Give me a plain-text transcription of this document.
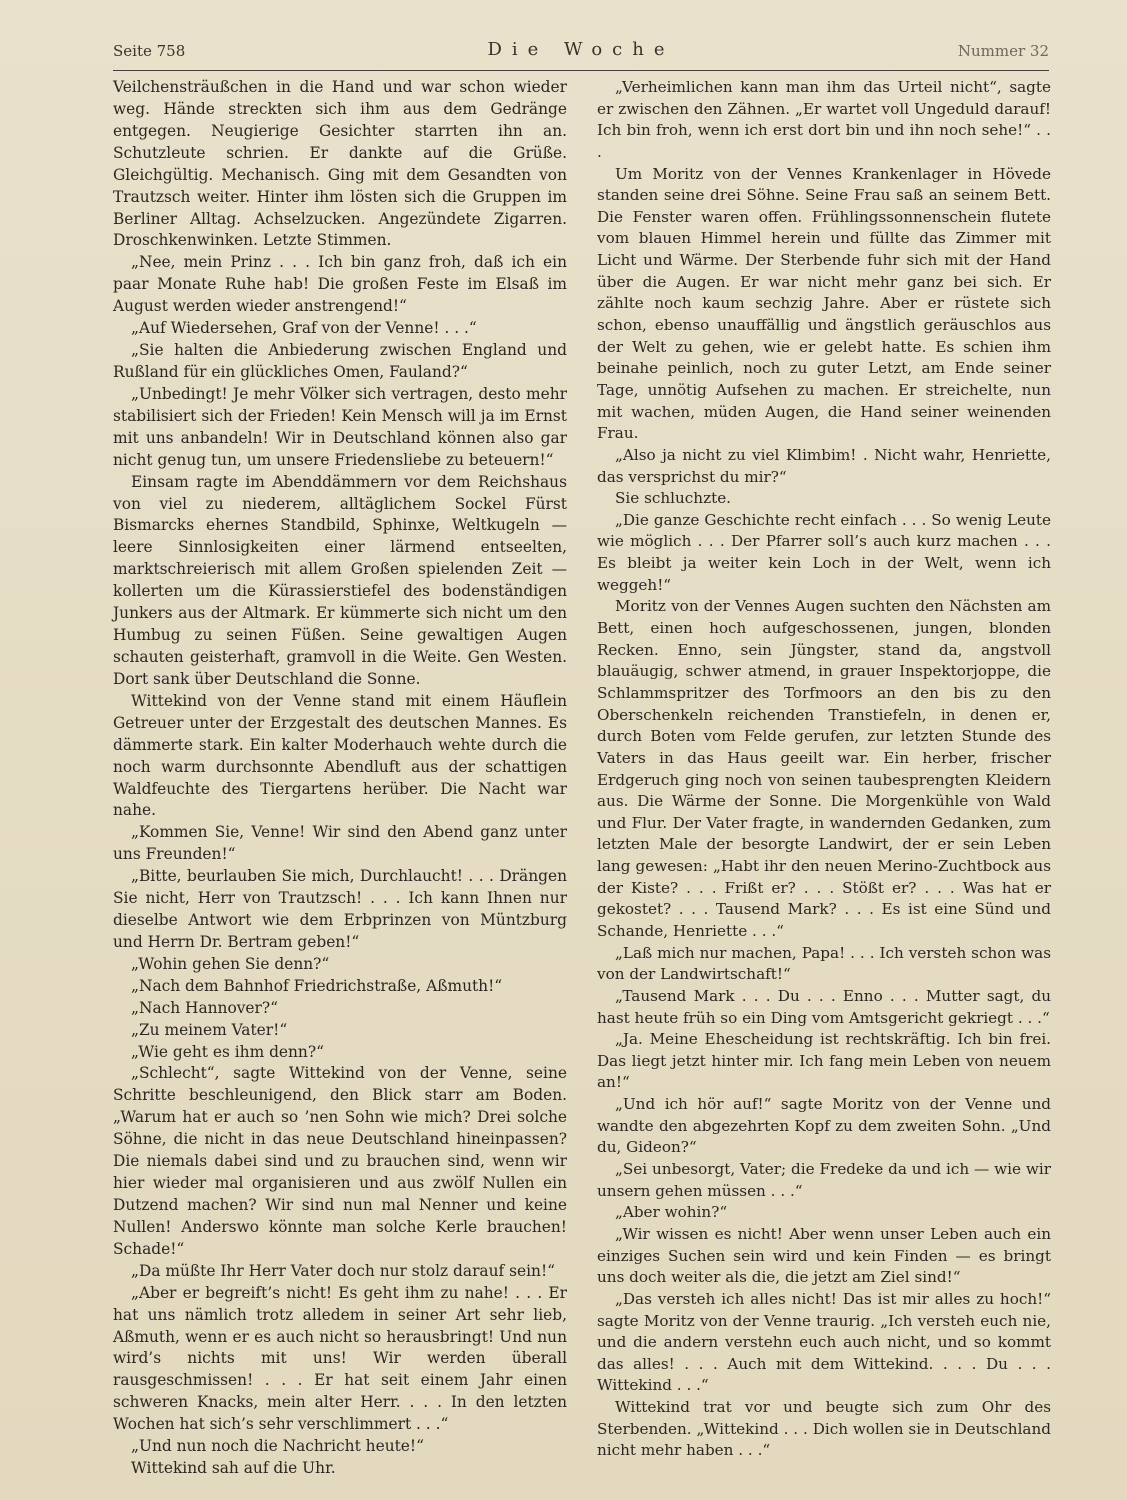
Seite 758	Die Woche	Nummer 32

Veilchensträußchen in die Hand und war schon wieder weg. Hände streckten sich ihm aus dem Gedränge entgegen. Neugierige Gesichter starrten ihn an. Schutzleute schrien. Er dankte auf die Grüße. Gleichgültig. Mechanisch. Ging mit dem Gesandten von Trautzsch weiter. Hinter ihm lösten sich die Gruppen im Berliner Alltag. Achselzucken. Angezündete Zigarren. Droschkenwinken. Letzte Stimmen.

„Nee, mein Prinz . . . Ich bin ganz froh, daß ich ein paar Monate Ruhe hab! Die großen Feste im Elsaß im August werden wieder anstrengend!“

„Auf Wiedersehen, Graf von der Venne! . . .“

„Sie halten die Anbiederung zwischen England und Rußland für ein glückliches Omen, Fauland?“

„Unbedingt! Je mehr Völker sich vertragen, desto mehr stabilisiert sich der Frieden! Kein Mensch will ja im Ernst mit uns anbandeln! Wir in Deutschland können also gar nicht genug tun, um unsere Friedensliebe zu beteuern!“

Einsam ragte im Abenddämmern vor dem Reichshaus von viel zu niederem, alltäglichem Sockel Fürst Bismarcks ehernes Standbild, Sphinxe, Weltkugeln — leere Sinnlosigkeiten einer lärmend entseelten, marktschreierisch mit allem Großen spielenden Zeit — kollerten um die Kürassierstiefel des bodenständigen Junkers aus der Altmark. Er kümmerte sich nicht um den Humbug zu seinen Füßen. Seine gewaltigen Augen schauten geisterhaft, gramvoll in die Weite. Gen Westen. Dort sank über Deutschland die Sonne.

Wittekind von der Venne stand mit einem Häuflein Getreuer unter der Erzgestalt des deutschen Mannes. Es dämmerte stark. Ein kalter Moderhauch wehte durch die noch warm durchsonnte Abendluft aus der schattigen Waldfeuchte des Tiergartens herüber. Die Nacht war nahe.

„Kommen Sie, Venne! Wir sind den Abend ganz unter uns Freunden!“

„Bitte, beurlauben Sie mich, Durchlaucht! . . . Drängen Sie nicht, Herr von Trautzsch! . . . Ich kann Ihnen nur dieselbe Antwort wie dem Erbprinzen von Müntzburg und Herrn Dr. Bertram geben!“

„Wohin gehen Sie denn?“

„Nach dem Bahnhof Friedrichstraße, Aßmuth!“

„Nach Hannover?“

„Zu meinem Vater!“

„Wie geht es ihm denn?“

„Schlecht“, sagte Wittekind von der Venne, seine Schritte beschleunigend, den Blick starr am Boden. „Warum hat er auch so ’nen Sohn wie mich? Drei solche Söhne, die nicht in das neue Deutschland hineinpassen? Die niemals dabei sind und zu brauchen sind, wenn wir hier wieder mal organisieren und aus zwölf Nullen ein Dutzend machen? Wir sind nun mal Nenner und keine Nullen! Anderswo könnte man solche Kerle brauchen! Schade!“

„Da müßte Ihr Herr Vater doch nur stolz darauf sein!“

„Aber er begreift’s nicht! Es geht ihm zu nahe! . . . Er hat uns nämlich trotz alledem in seiner Art sehr lieb, Aßmuth, wenn er es auch nicht so herausbringt! Und nun wird’s nichts mit uns! Wir werden überall rausgeschmissen! . . . Er hat seit einem Jahr einen schweren Knacks, mein alter Herr. . . . In den letzten Wochen hat sich’s sehr verschlimmert . . .“

„Und nun noch die Nachricht heute!“

Wittekind sah auf die Uhr.

„Verheimlichen kann man ihm das Urteil nicht“, sagte er zwischen den Zähnen. „Er wartet voll Ungeduld darauf! Ich bin froh, wenn ich erst dort bin und ihn noch sehe!“ . . .

Um Moritz von der Vennes Krankenlager in Hövede standen seine drei Söhne. Seine Frau saß an seinem Bett. Die Fenster waren offen. Frühlingssonnenschein flutete vom blauen Himmel herein und füllte das Zimmer mit Licht und Wärme. Der Sterbende fuhr sich mit der Hand über die Augen. Er war nicht mehr ganz bei sich. Er zählte noch kaum sechzig Jahre. Aber er rüstete sich schon, ebenso unauffällig und ängstlich geräuschlos aus der Welt zu gehen, wie er gelebt hatte. Es schien ihm beinahe peinlich, noch zu guter Letzt, am Ende seiner Tage, unnötig Aufsehen zu machen. Er streichelte, nun mit wachen, müden Augen, die Hand seiner weinenden Frau.

„Also ja nicht zu viel Klimbim! . Nicht wahr, Henriette, das versprichst du mir?“

Sie schluchzte.

„Die ganze Geschichte recht einfach . . . So wenig Leute wie möglich . . . Der Pfarrer soll’s auch kurz machen . . . Es bleibt ja weiter kein Loch in der Welt, wenn ich weggeh!“

Moritz von der Vennes Augen suchten den Nächsten am Bett, einen hoch aufgeschossenen, jungen, blonden Recken. Enno, sein Jüngster, stand da, angstvoll blauäugig, schwer atmend, in grauer Inspektorjoppe, die Schlammspritzer des Torfmoors an den bis zu den Oberschenkeln reichenden Transtiefeln, in denen er, durch Boten vom Felde gerufen, zur letzten Stunde des Vaters in das Haus geeilt war. Ein herber, frischer Erdgeruch ging noch von seinen taubesprengten Kleidern aus. Die Wärme der Sonne. Die Morgenkühle von Wald und Flur. Der Vater fragte, in wandernden Gedanken, zum letzten Male der besorgte Landwirt, der er sein Leben lang gewesen: „Habt ihr den neuen Merino-Zuchtbock aus der Kiste? . . . Frißt er? . . . Stößt er? . . . Was hat er gekostet? . . . Tausend Mark? . . . Es ist eine Sünd und Schande, Henriette . . .“

„Laß mich nur machen, Papa! . . . Ich versteh schon was von der Landwirtschaft!“

„Tausend Mark . . . Du . . . Enno . . . Mutter sagt, du hast heute früh so ein Ding vom Amtsgericht gekriegt . . .“

„Ja. Meine Ehescheidung ist rechtskräftig. Ich bin frei. Das liegt jetzt hinter mir. Ich fang mein Leben von neuem an!“

„Und ich hör auf!“ sagte Moritz von der Venne und wandte den abgezehrten Kopf zu dem zweiten Sohn. „Und du, Gideon?“

„Sei unbesorgt, Vater; die Fredeke da und ich — wie wir unsern gehen müssen . . .“

„Aber wohin?“

„Wir wissen es nicht! Aber wenn unser Leben auch ein einziges Suchen sein wird und kein Finden — es bringt uns doch weiter als die, die jetzt am Ziel sind!“

„Das versteh ich alles nicht! Das ist mir alles zu hoch!“ sagte Moritz von der Venne traurig. „Ich versteh euch nie, und die andern verstehn euch auch nicht, und so kommt das alles! . . . Auch mit dem Wittekind. . . . Du . . . Wittekind . . .“

Wittekind trat vor und beugte sich zum Ohr des Sterbenden. „Wittekind . . . Dich wollen sie in Deutschland nicht mehr haben . . .“
